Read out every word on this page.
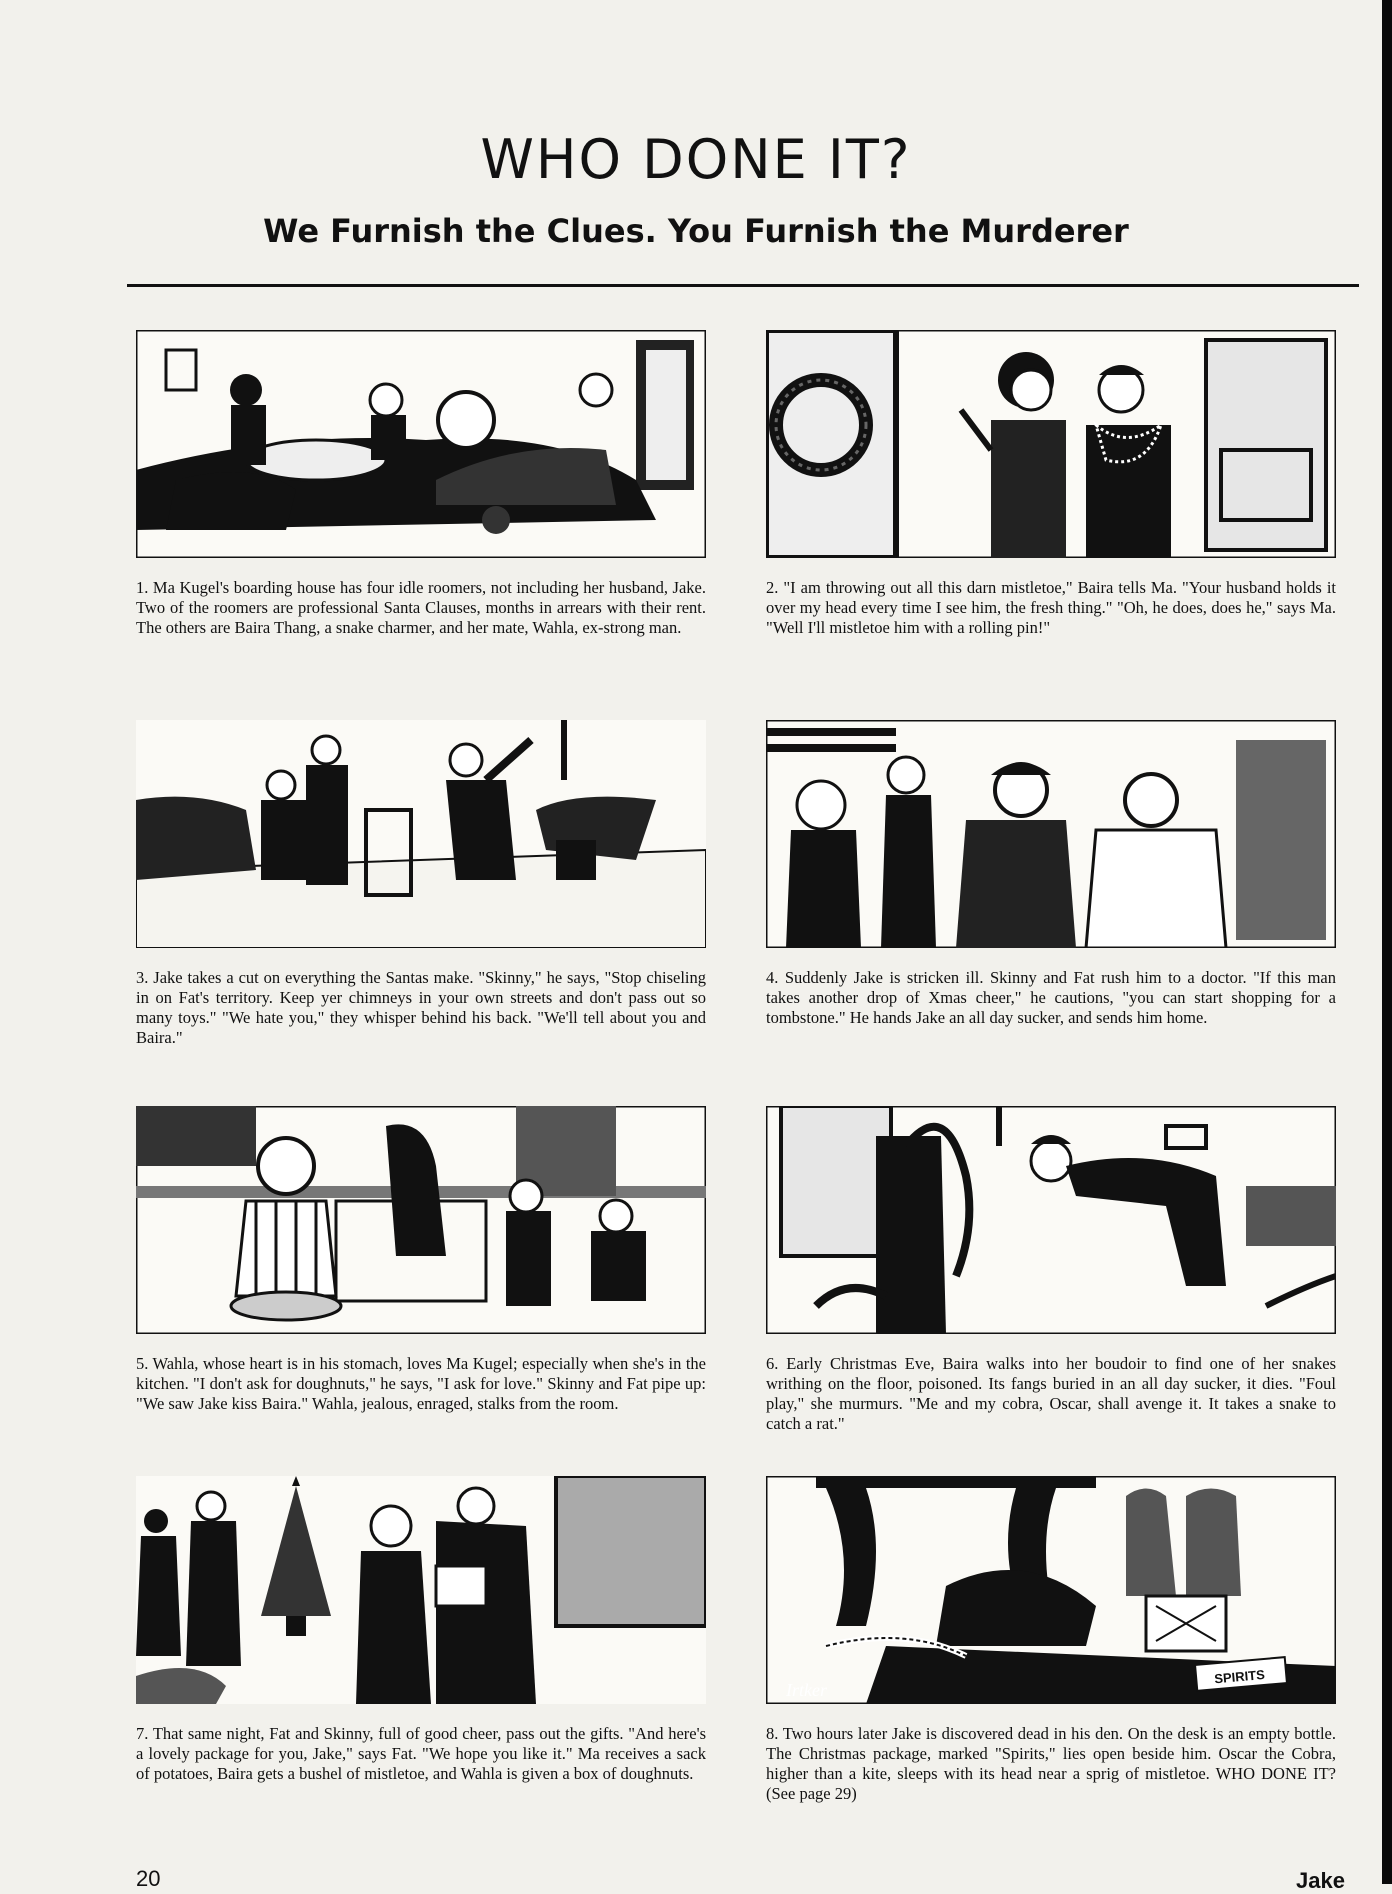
WHO DONE IT?
We Furnish the Clues. You Furnish the Murderer
1. Ma Kugel's boarding house has four idle roomers, not including her husband, Jake. Two of the roomers are professional Santa Clauses, months in arrears with their rent. The others are Baira Thang, a snake charmer, and her mate, Wahla, ex-strong man.
2. "I am throwing out all this darn mistletoe," Baira tells Ma. "Your husband holds it over my head every time I see him, the fresh thing." "Oh, he does, does he," says Ma. "Well I'll mistletoe him with a rolling pin!"
3. Jake takes a cut on everything the Santas make. "Skinny," he says, "Stop chiseling in on Fat's territory. Keep yer chimneys in your own streets and don't pass out so many toys." "We hate you," they whisper behind his back. "We'll tell about you and Baira."
4. Suddenly Jake is stricken ill. Skinny and Fat rush him to a doctor. "If this man takes another drop of Xmas cheer," he cautions, "you can start shopping for a tombstone." He hands Jake an all day sucker, and sends him home.
5. Wahla, whose heart is in his stomach, loves Ma Kugel; especially when she's in the kitchen. "I don't ask for doughnuts," he says, "I ask for love." Skinny and Fat pipe up: "We saw Jake kiss Baira." Wahla, jealous, enraged, stalks from the room.
6. Early Christmas Eve, Baira walks into her boudoir to find one of her snakes writhing on the floor, poisoned. Its fangs buried in an all day sucker, it dies. "Foul play," she murmurs. "Me and my cobra, Oscar, shall avenge it. It takes a snake to catch a rat."
7. That same night, Fat and Skinny, full of good cheer, pass out the gifts. "And here's a lovely package for you, Jake," says Fat. "We hope you like it." Ma receives a sack of potatoes, Baira gets a bushel of mistletoe, and Wahla is given a box of doughnuts.
SPIRITS
Irtker
8. Two hours later Jake is discovered dead in his den. On the desk is an empty bottle. The Christmas package, marked "Spirits," lies open beside him. Oscar the Cobra, higher than a kite, sleeps with its head near a sprig of mistletoe. WHO DONE IT? (See page 29)
20	Jake
